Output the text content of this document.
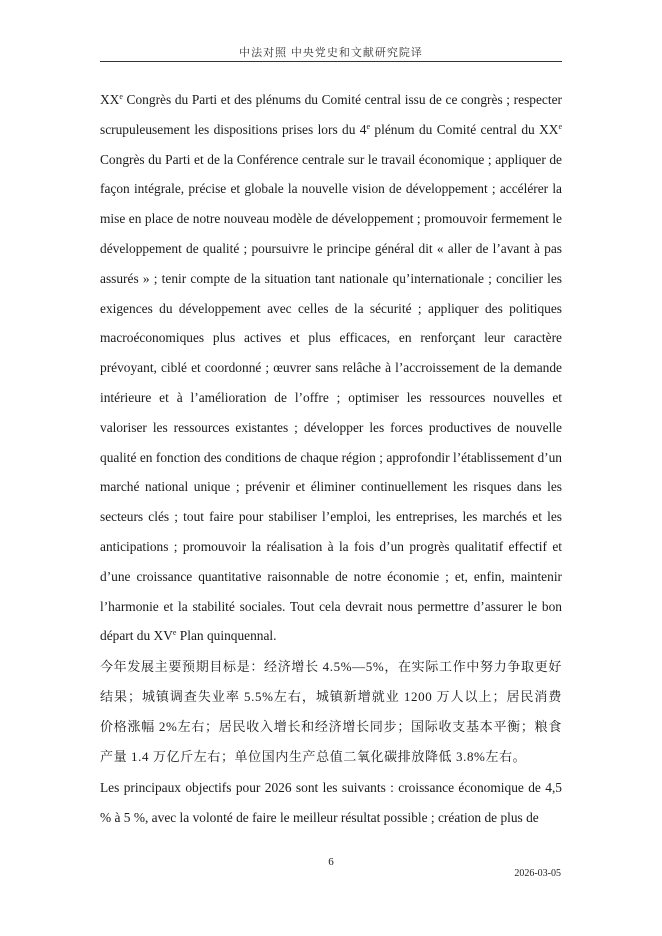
中法对照 中央党史和文献研究院译

XXe Congrès du Parti et des plénums du Comité central issu de ce congrès ; respecter scrupuleusement les dispositions prises lors du 4e plénum du Comité central du XXe Congrès du Parti et de la Conférence centrale sur le travail économique ; appliquer de façon intégrale, précise et globale la nouvelle vision de développement ; accélérer la mise en place de notre nouveau modèle de développement ; promouvoir fermement le développement de qualité ; poursuivre le principe général dit « aller de l’avant à pas assurés » ; tenir compte de la situation tant nationale qu’internationale ; concilier les exigences du développement avec celles de la sécurité ; appliquer des politiques macroéconomiques plus actives et plus efficaces, en renforçant leur caractère prévoyant, ciblé et coordonné ; œuvrer sans relâche à l’accroissement de la demande intérieure et à l’amélioration de l’offre ; optimiser les ressources nouvelles et valoriser les ressources existantes ; développer les forces productives de nouvelle qualité en fonction des conditions de chaque région ; approfondir l’établissement d’un marché national unique ; prévenir et éliminer continuellement les risques dans les secteurs clés ; tout faire pour stabiliser l’emploi, les entreprises, les marchés et les anticipations ; promouvoir la réalisation à la fois d’un progrès qualitatif effectif et d’une croissance quantitative raisonnable de notre économie ; et, enfin, maintenir l’harmonie et la stabilité sociales. Tout cela devrait nous permettre d’assurer le bon départ du XVe Plan quinquennal.

今年发展主要预期目标是：经济增长 4.5%—5%，在实际工作中努力争取更好结果；城镇调查失业率 5.5%左右，城镇新增就业 1200 万人以上；居民消费价格涨幅 2%左右；居民收入增长和经济增长同步；国际收支基本平衡；粮食产量 1.4 万亿斤左右；单位国内生产总值二氧化碳排放降低 3.8%左右。

Les principaux objectifs pour 2026 sont les suivants : croissance économique de 4,5 % à 5 %, avec la volonté de faire le meilleur résultat possible ; création de plus de

6
2026-03-05
